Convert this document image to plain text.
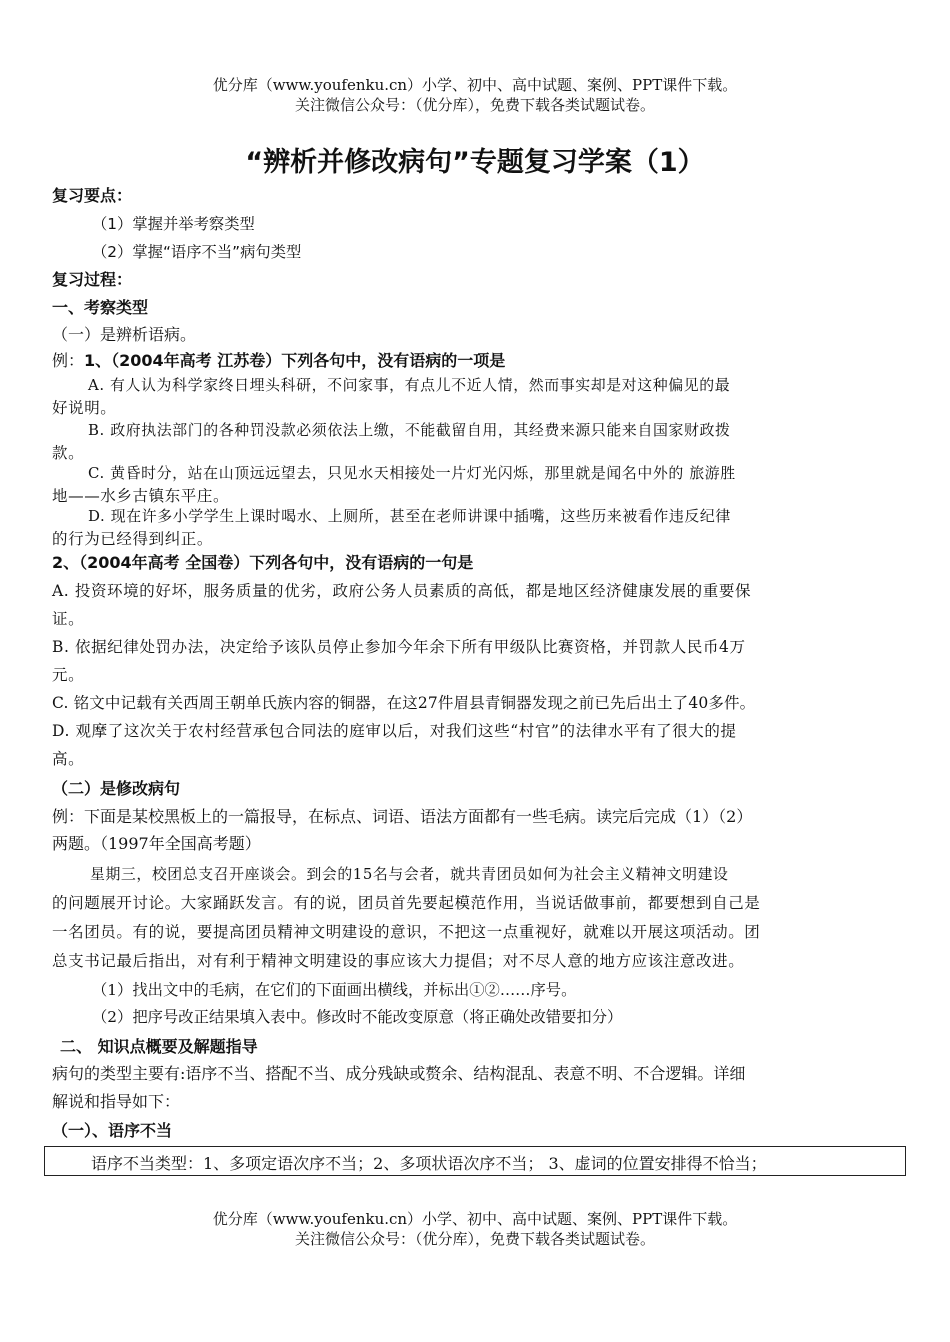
优分库（www.youfenku.cn）小学、初中、高中试题、案例、PPT课件下载。
关注微信公众号：（优分库），免费下载各类试题试卷。
“辨析并修改病句”专题复习学案（1）
复习要点：
（1）掌握并举考察类型
（2）掌握“语序不当”病句类型
复习过程：
一、考察类型
（一）是辨析语病。
例：1、（2004年高考 江苏卷）下列各句中，没有语病的一项是
A. 有人认为科学家终日埋头科研，不问家事，有点儿不近人情，然而事实却是对这种偏见的最
好说明。
B. 政府执法部门的各种罚没款必须依法上缴，不能截留自用，其经费来源只能来自国家财政拨
款。
C. 黄昏时分，站在山顶远远望去，只见水天相接处一片灯光闪烁，那里就是闻名中外的 旅游胜
地——水乡古镇东平庄。
D. 现在许多小学学生上课时喝水、上厕所，甚至在老师讲课中插嘴，这些历来被看作违反纪律
的行为已经得到纠正。
2、（2004年高考 全国卷）下列各句中，没有语病的一句是
A. 投资环境的好坏，服务质量的优劣，政府公务人员素质的高低，都是地区经济健康发展的重要保
证。
B. 依据纪律处罚办法，决定给予该队员停止参加今年余下所有甲级队比赛资格，并罚款人民币4万
元。
C. 铭文中记载有关西周王朝单氏族内容的铜器，在这27件眉县青铜器发现之前已先后出土了40多件。
D. 观摩了这次关于农村经营承包合同法的庭审以后，对我们这些“村官”的法律水平有了很大的提
高。
（二）是修改病句
例：下面是某校黑板上的一篇报导，在标点、词语、语法方面都有一些毛病。读完后完成（1）（2）
两题。（1997年全国高考题）
星期三，校团总支召开座谈会。到会的15名与会者，就共青团员如何为社会主义精神文明建设
的问题展开讨论。大家踊跃发言。有的说，团员首先要起模范作用，当说话做事前，都要想到自己是
一名团员。有的说，要提高团员精神文明建设的意识，不把这一点重视好，就难以开展这项活动。团
总支书记最后指出，对有利于精神文明建设的事应该大力提倡；对不尽人意的地方应该注意改进。
（1）找出文中的毛病，在它们的下面画出横线，并标出①②……序号。
（2）把序号改正结果填入表中。修改时不能改变原意（将正确处改错要扣分）
二、 知识点概要及解题指导
病句的类型主要有:语序不当、搭配不当、成分残缺或赘余、结构混乱、表意不明、不合逻辑。详细
解说和指导如下：
（一）、语序不当
语序不当类型：1、多项定语次序不当；2、多项状语次序不当； 3、虚词的位置安排得不恰当；
优分库（www.youfenku.cn）小学、初中、高中试题、案例、PPT课件下载。
关注微信公众号：（优分库），免费下载各类试题试卷。
